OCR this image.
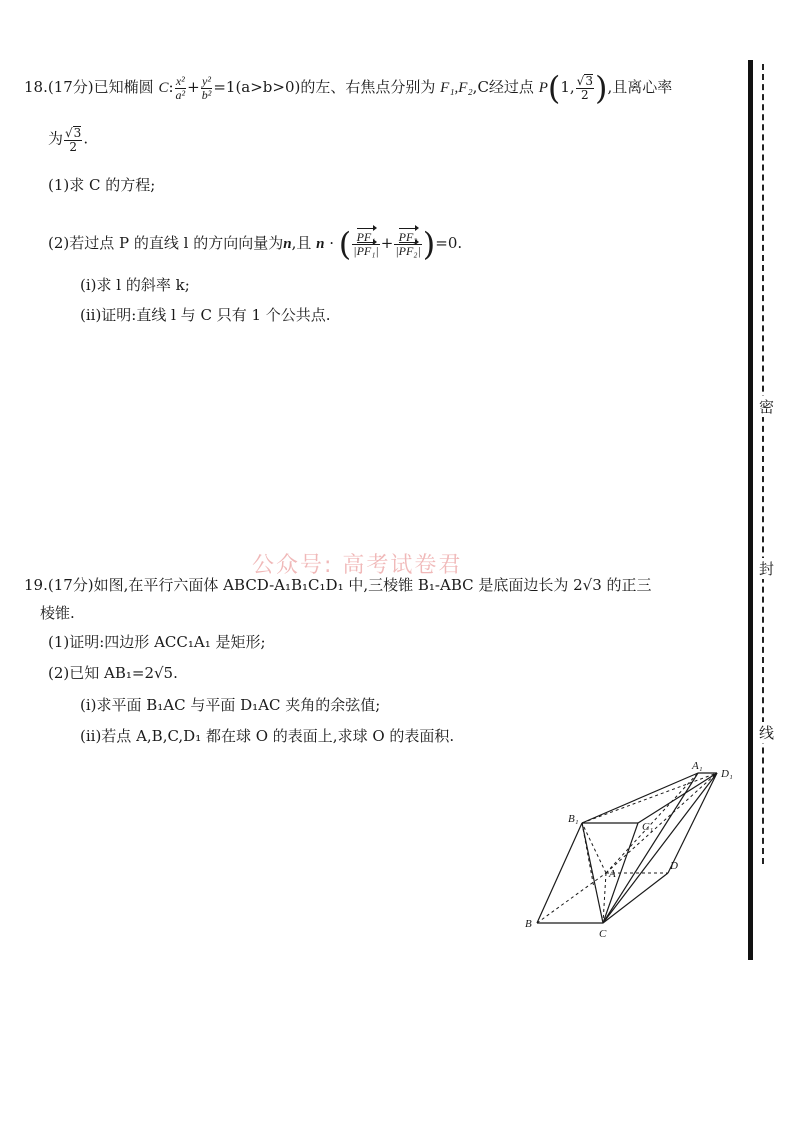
18.(17分)已知椭圆 C: $\frac{\text{x²}}{\text{a²}} + \frac{\text{y²}}{\text{b²}} =1(a>b>0)$的左、右焦点分别为 F₁,F₂,C经过点 P(1, $\frac{√3}{2}$ ),且离心率
为 $\frac{√3}{2}$ .
(1)求 C 的方程;
(2)若过点 P 的直线 l 的方向向量为n,且 n · ( $\frac{\text{PF₁}}{\text{|PF₁|}} + \frac{\text{PF₂}}{\text{|PF₂|}} )=0$.
(i)求 l 的斜率 k;
(ii)证明:直线 l 与 C 只有 1 个公共点.
公众号: 高考试卷君
19.(17分)如图,在平行六面体 ABCD-A₁B₁C₁D₁ 中,三棱锥 B₁-ABC 是底面边长为 2√3 的正三
棱锥.
(1)证明:四边形 ACC₁A₁ 是矩形;
(2)已知 AB₁=2√5.
(i)求平面 B₁AC 与平面 D₁AC 夹角的余弦值;
(ii)若点 A,B,C,D₁ 都在球 O 的表面上,求球 O 的表面积.
A₁
D₁
B₁
C₁
D
A
B
C
密
封
线
